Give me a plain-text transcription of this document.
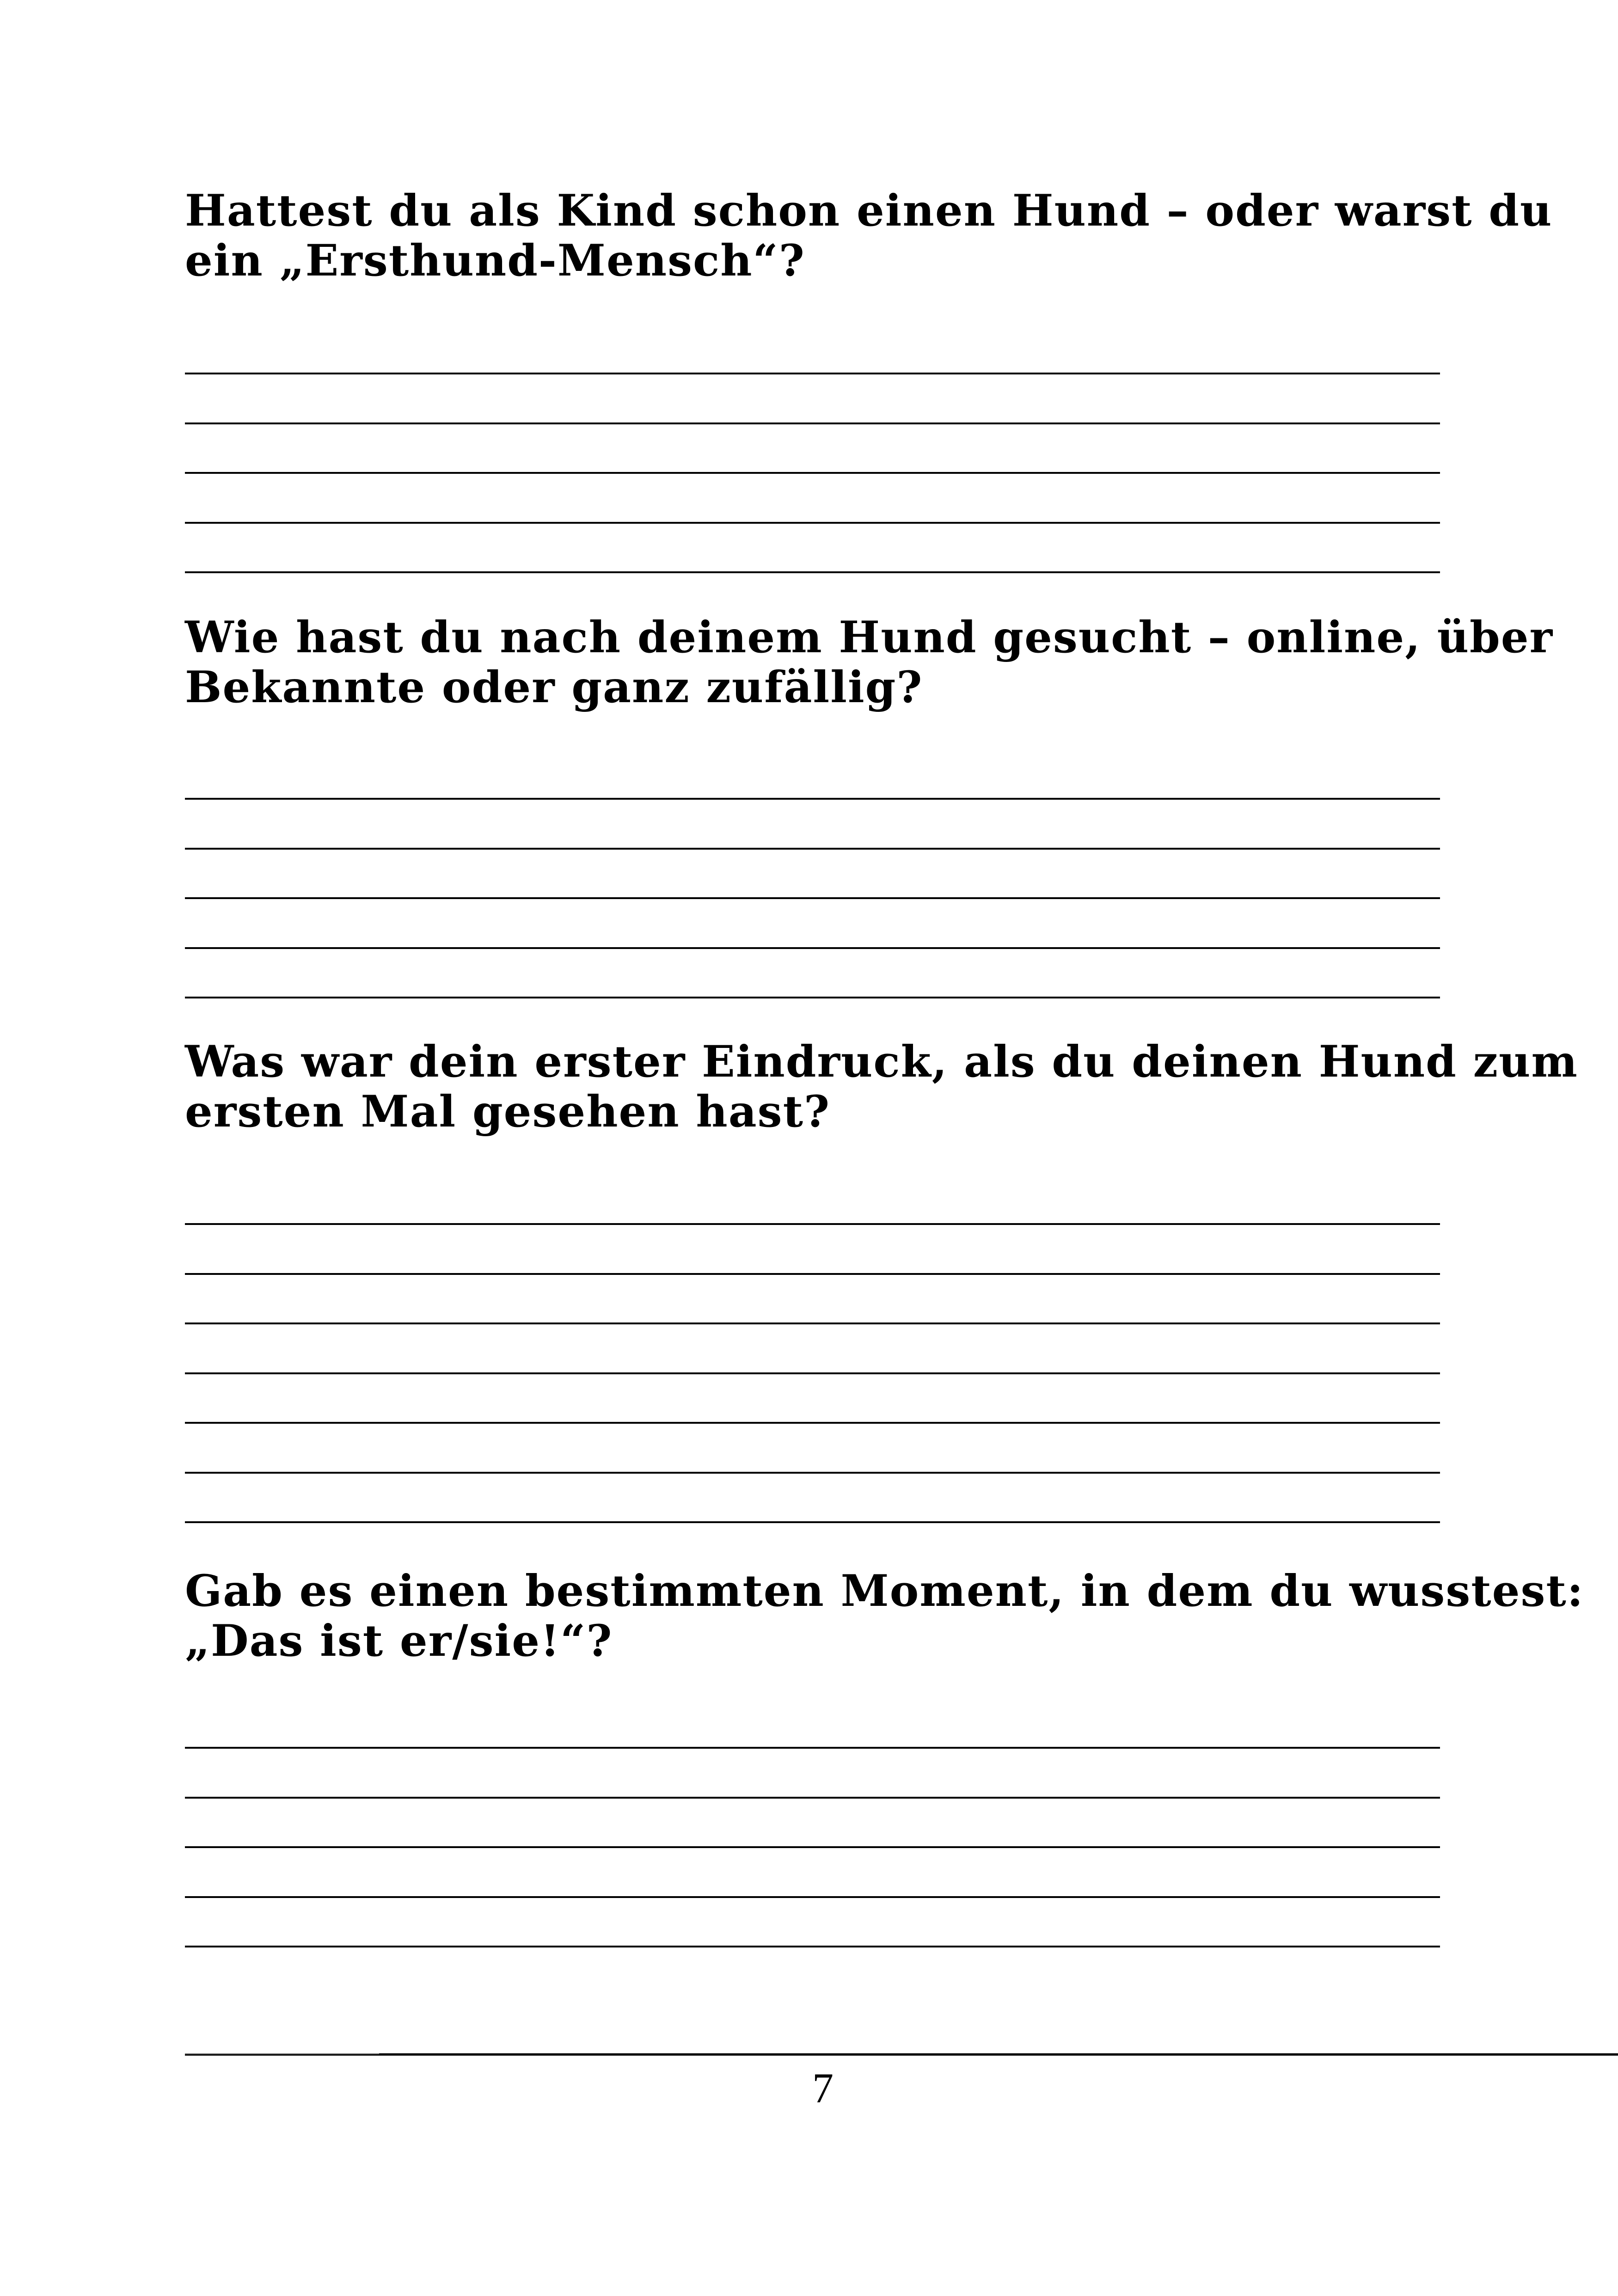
Hattest du als Kind schon einen Hund – oder warst du
ein „Ersthund-Mensch“?
Wie hast du nach deinem Hund gesucht – online, über
Bekannte oder ganz zufällig?
Was war dein erster Eindruck, als du deinen Hund zum
ersten Mal gesehen hast?
Gab es einen bestimmten Moment, in dem du wusstest:
„Das ist er/sie!“?
7
